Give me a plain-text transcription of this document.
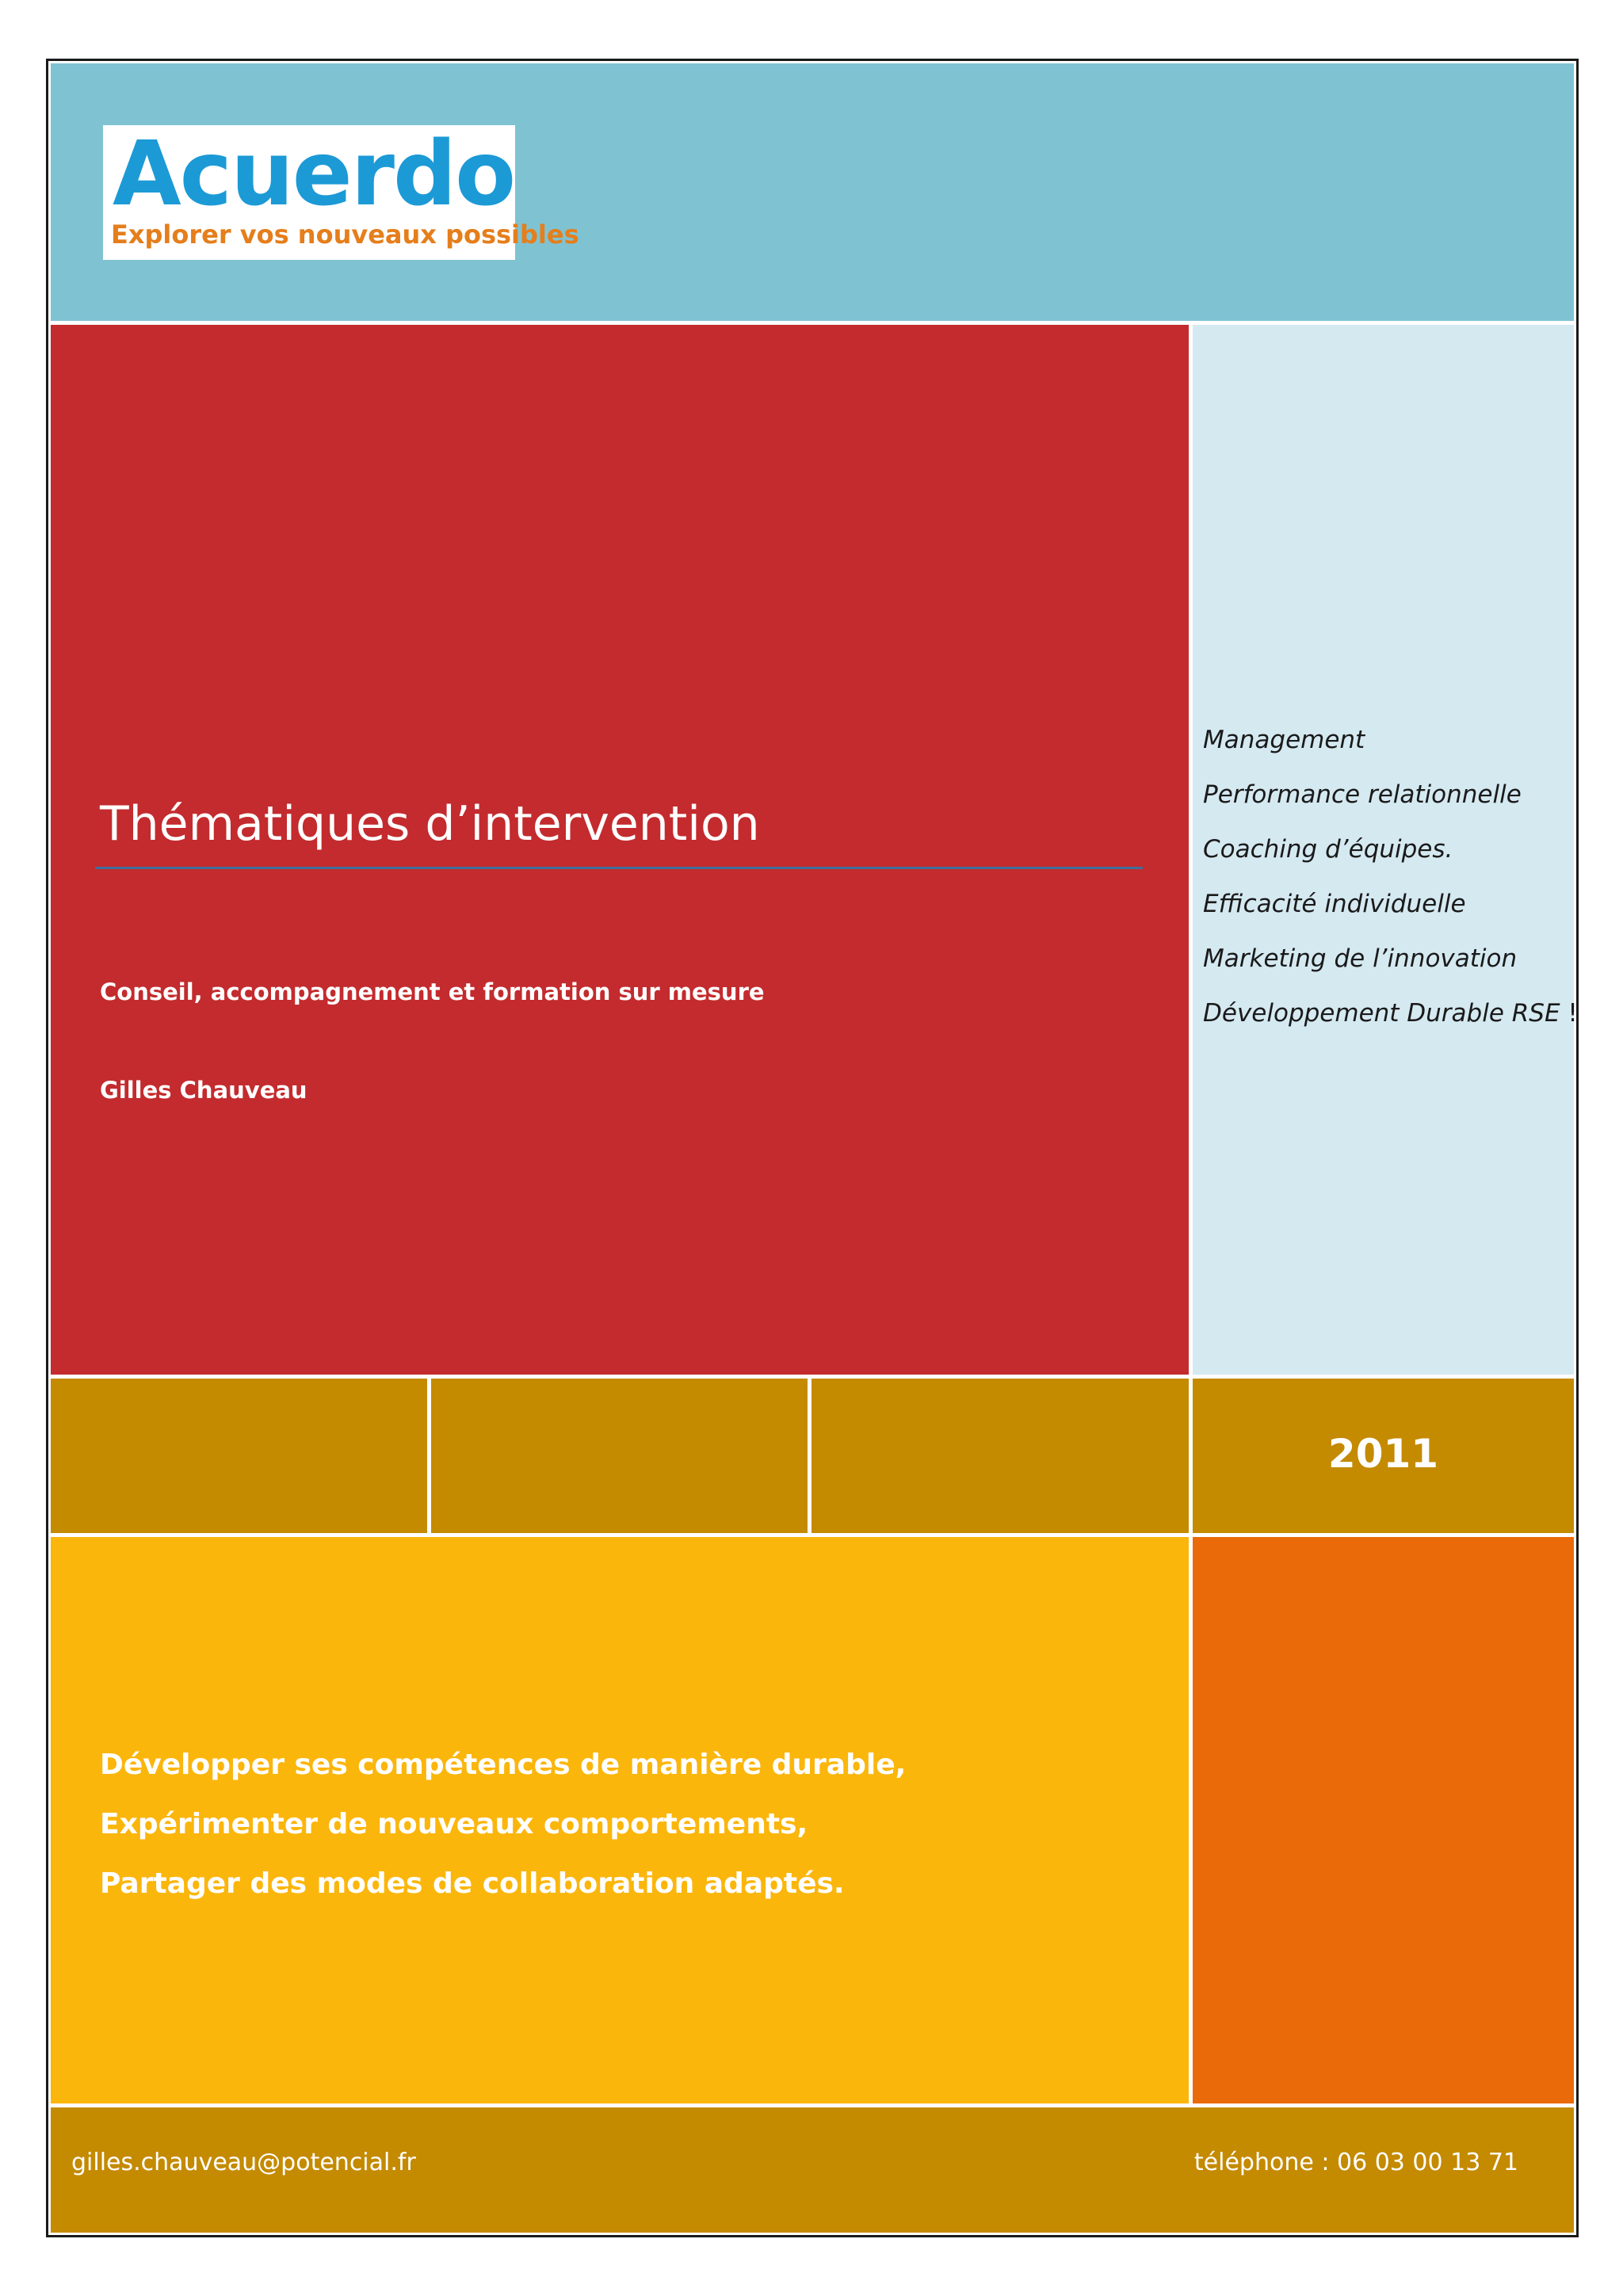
Acuerdo
Explorer vos nouveaux possibles
Thématiques d’intervention
Conseil, accompagnement et formation sur mesure
Gilles Chauveau
Management
Performance relationnelle
Coaching d’équipes.
Efficacité individuelle
Marketing de l’innovation
Développement Durable RSE !
2011
Développer ses compétences de manière durable,
Expérimenter de nouveaux comportements,
Partager des modes de collaboration adaptés.
gilles.chauveau@potencial.fr	téléphone : 06 03 00 13 71
